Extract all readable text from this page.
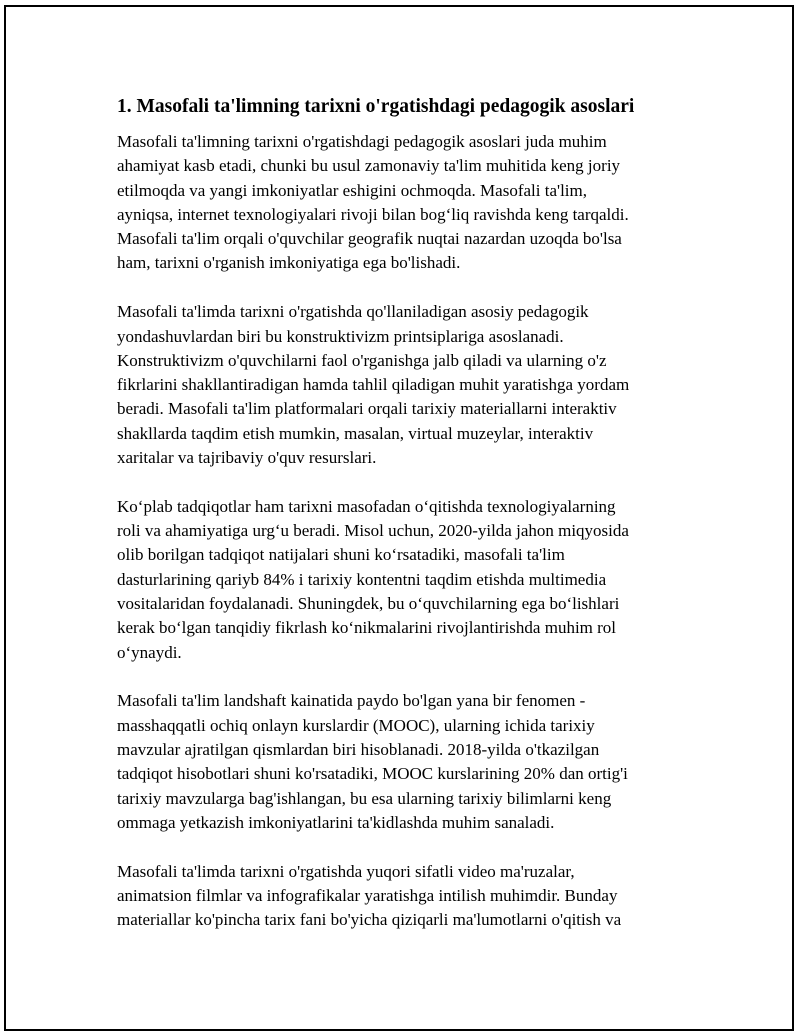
1. Masofali ta'limning tarixni o'rgatishdagi pedagogik asoslari
Masofali ta'limning tarixni o'rgatishdagi pedagogik asoslari juda muhim
ahamiyat kasb etadi, chunki bu usul zamonaviy ta'lim muhitida keng joriy
etilmoqda va yangi imkoniyatlar eshigini ochmoqda. Masofali ta'lim,
ayniqsa, internet texnologiyalari rivoji bilan bog‘liq ravishda keng tarqaldi.
Masofali ta'lim orqali o'quvchilar geografik nuqtai nazardan uzoqda bo'lsa
ham, tarixni o'rganish imkoniyatiga ega bo'lishadi.
Masofali ta'limda tarixni o'rgatishda qo'llaniladigan asosiy pedagogik
yondashuvlardan biri bu konstruktivizm printsiplariga asoslanadi.
Konstruktivizm o'quvchilarni faol o'rganishga jalb qiladi va ularning o'z
fikrlarini shakllantiradigan hamda tahlil qiladigan muhit yaratishga yordam
beradi. Masofali ta'lim platformalari orqali tarixiy materiallarni interaktiv
shakllarda taqdim etish mumkin, masalan, virtual muzeylar, interaktiv
xaritalar va tajribaviy o'quv resurslari.
Ko‘plab tadqiqotlar ham tarixni masofadan o‘qitishda texnologiyalarning
roli va ahamiyatiga urg‘u beradi. Misol uchun, 2020-yilda jahon miqyosida
olib borilgan tadqiqot natijalari shuni ko‘rsatadiki, masofali ta'lim
dasturlarining qariyb 84% i tarixiy kontentni taqdim etishda multimedia
vositalaridan foydalanadi. Shuningdek, bu o‘quvchilarning ega bo‘lishlari
kerak bo‘lgan tanqidiy fikrlash ko‘nikmalarini rivojlantirishda muhim rol
o‘ynaydi.
Masofali ta'lim landshaft kainatida paydo bo'lgan yana bir fenomen -
masshaqqatli ochiq onlayn kurslardir (MOOC), ularning ichida tarixiy
mavzular ajratilgan qismlardan biri hisoblanadi. 2018-yilda o'tkazilgan
tadqiqot hisobotlari shuni ko'rsatadiki, MOOC kurslarining 20% dan ortig'i
tarixiy mavzularga bag'ishlangan, bu esa ularning tarixiy bilimlarni keng
ommaga yetkazish imkoniyatlarini ta'kidlashda muhim sanaladi.
Masofali ta'limda tarixni o'rgatishda yuqori sifatli video ma'ruzalar,
animatsion filmlar va infografikalar yaratishga intilish muhimdir. Bunday
materiallar ko'pincha tarix fani bo'yicha qiziqarli ma'lumotlarni o'qitish va
